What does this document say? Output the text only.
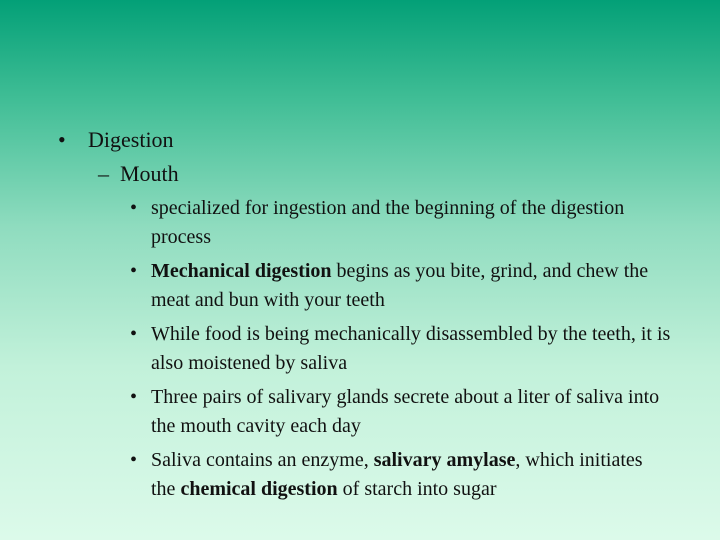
• Digestion
– Mouth
• specialized for ingestion and the beginning of the digestion process
• Mechanical digestion begins as you bite, grind, and chew the meat and bun with your teeth
• While food is being mechanically disassembled by the teeth, it is also moistened by saliva
• Three pairs of salivary glands secrete about a liter of saliva into the mouth cavity each day
• Saliva contains an enzyme, salivary amylase, which initiates the chemical digestion of starch into sugar
